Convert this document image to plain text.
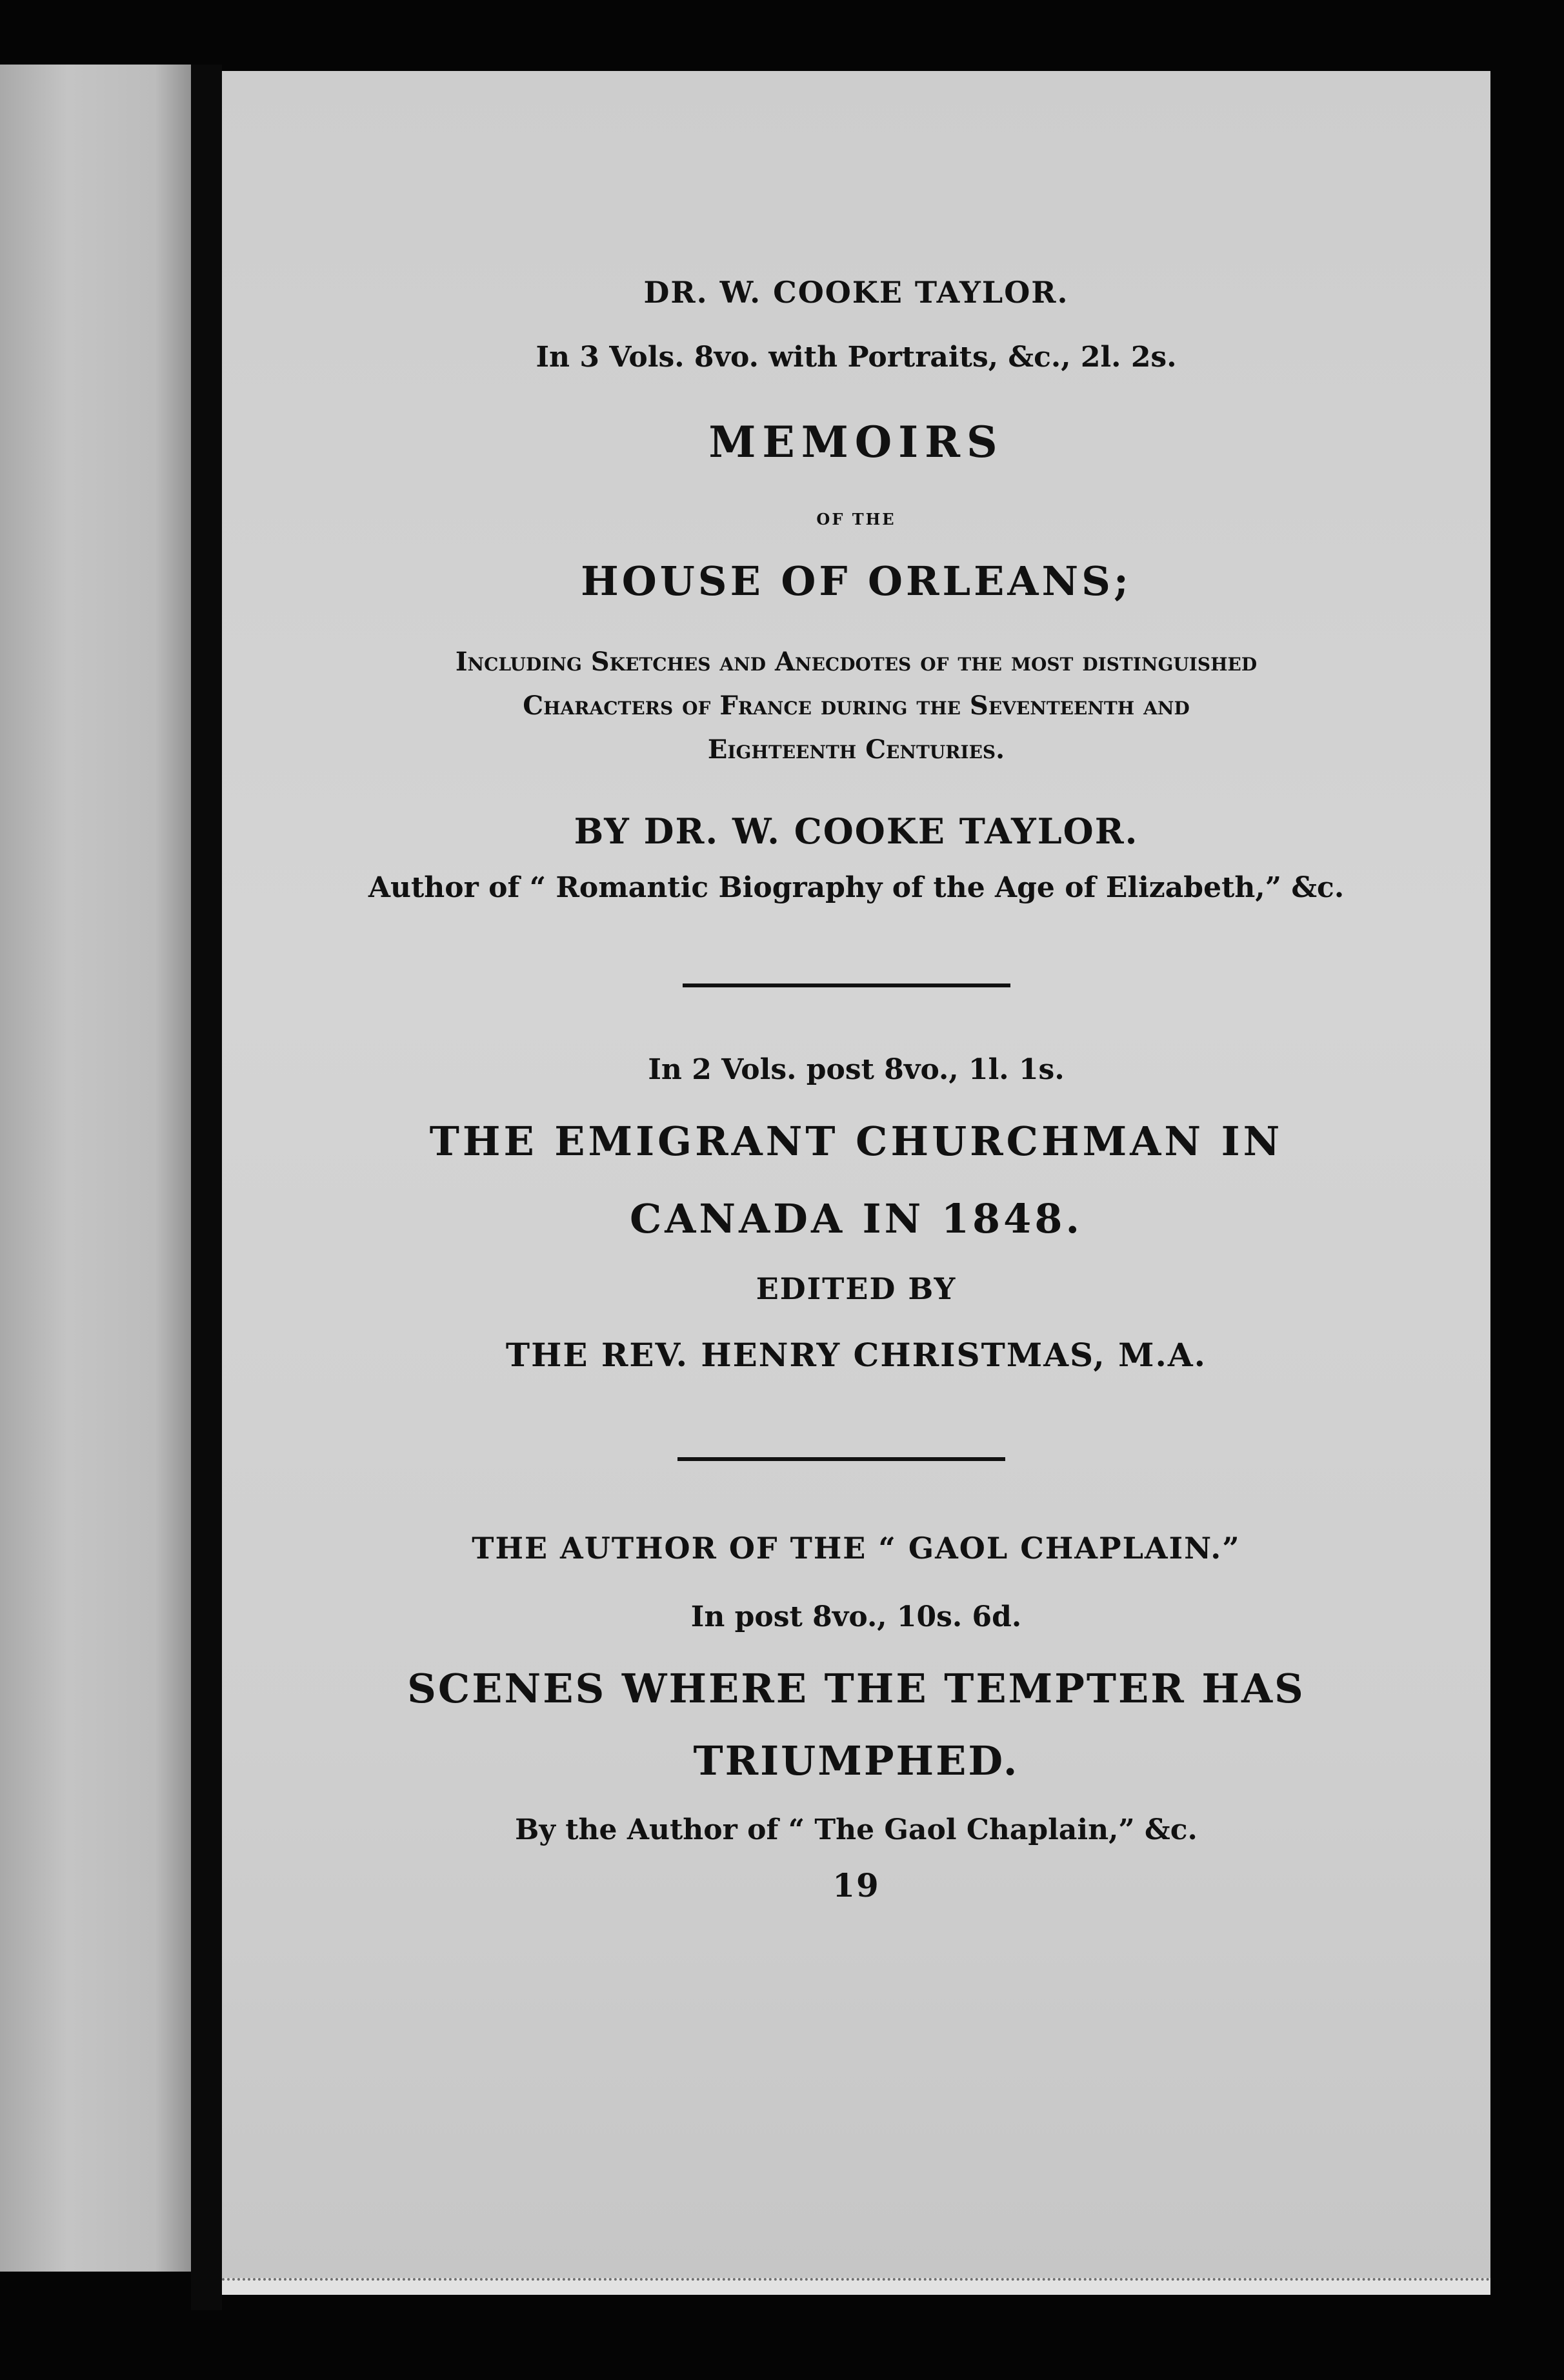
DR. W. COOKE TAYLOR.
In 3 Vols. 8vo. with Portraits, &c., 2l. 2s.
MEMOIRS
OF THE
HOUSE OF ORLEANS;
Including Sketches and Anecdotes of the most distinguished
Characters of France during the Seventeenth and
Eighteenth Centuries.
BY DR. W. COOKE TAYLOR.
Author of “ Romantic Biography of the Age of Elizabeth,” &c.
In 2 Vols. post 8vo., 1l. 1s.
THE EMIGRANT CHURCHMAN IN
CANADA IN 1848.
EDITED BY
THE REV. HENRY CHRISTMAS, M.A.
THE AUTHOR OF THE “ GAOL CHAPLAIN.”
In post 8vo., 10s. 6d.
SCENES WHERE THE TEMPTER HAS
TRIUMPHED.
By the Author of “ The Gaol Chaplain,” &c.
19
